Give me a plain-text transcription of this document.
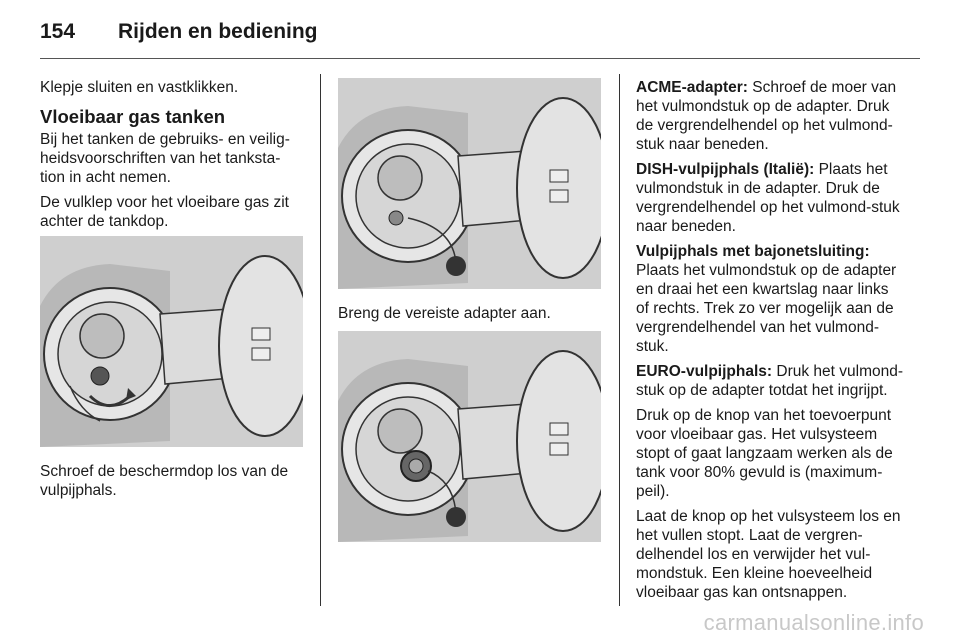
154 Rijden en bediening

Klepje sluiten en vastklikken.

Vloeibaar gas tanken

Bij het tanken de gebruiks- en veilig-heidsvoorschriften van het tanksta-tion in acht nemen.

De vulklep voor het vloeibare gas zit achter de tankdop.

Schroef de beschermdop los van de vulpijphals.

Breng de vereiste adapter aan.

ACME-adapter: Schroef de moer van het vulmondstuk op de adapter. Druk de vergrendelhendel op het vulmond-stuk naar beneden.

DISH-vulpijphals (Italië): Plaats het vulmondstuk in de adapter. Druk de vergrendelhendel op het vulmond-stuk naar beneden.

Vulpijphals met bajonetsluiting:
Plaats het vulmondstuk op de adapter en draai het een kwartslag naar links of rechts. Trek zo ver mogelijk aan de vergrendelhendel van het vulmond-stuk.

EURO-vulpijphals: Druk het vulmond-stuk op de adapter totdat het ingrijpt.

Druk op de knop van het toevoerpunt voor vloeibaar gas. Het vulsysteem stopt of gaat langzaam werken als de tank voor 80% gevuld is (maximum-peil).

Laat de knop op het vulsysteem los en het vullen stopt. Laat de vergren-delhendel los en verwijder het vul-mondstuk. Een kleine hoeveelheid vloeibaar gas kan ontsnappen.

carmanualsonline.info
